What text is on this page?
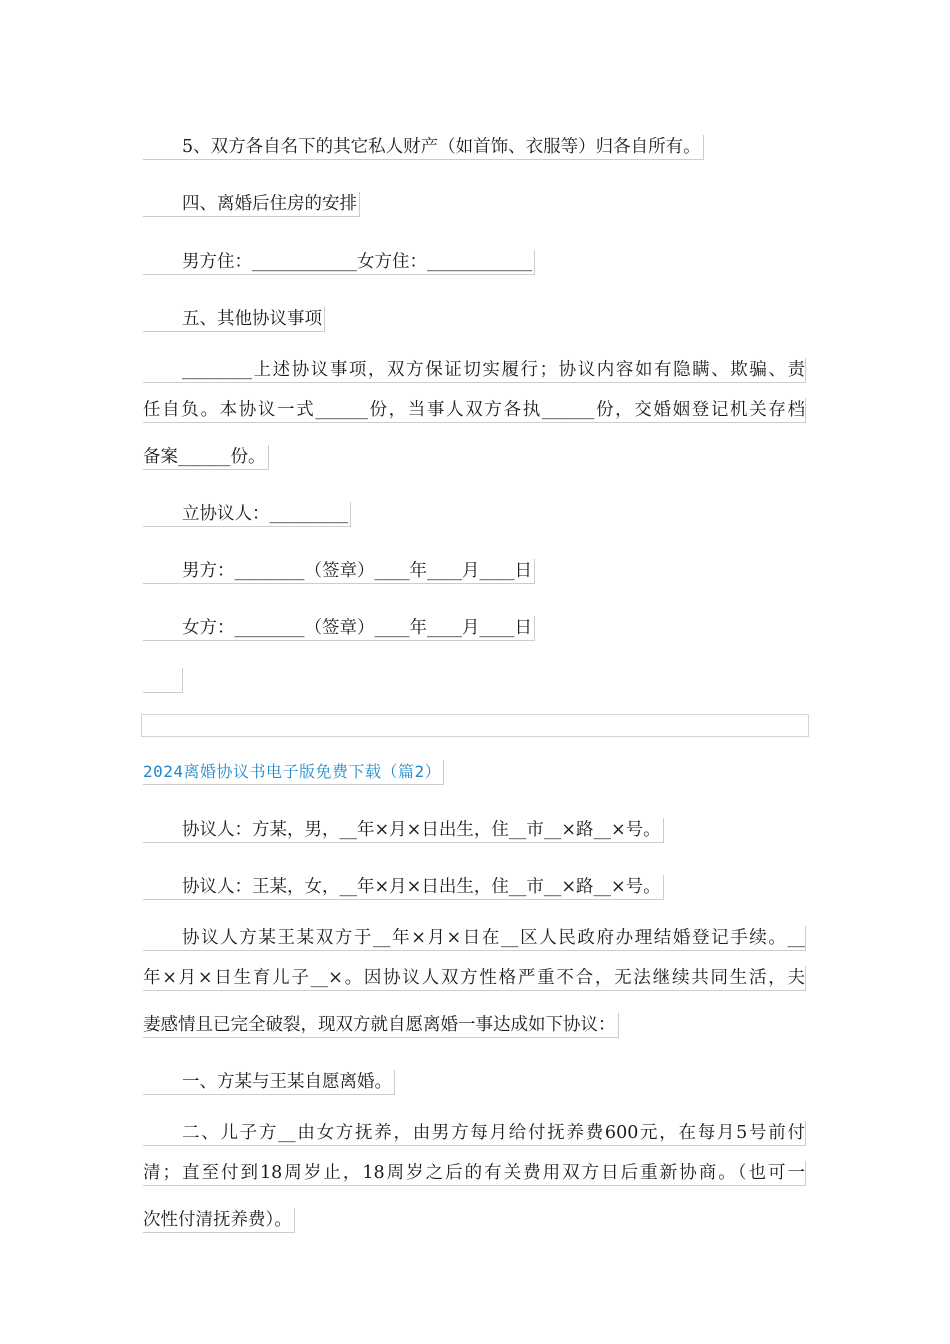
5、双方各自名下的其它私人财产（如首饰、衣服等）归各自所有。
四、离婚后住房的安排
男方住：____________女方住：____________
五、其他协议事项
________上述协议事项，双方保证切实履行；协议内容如有隐瞒、欺骗、责
任自负。本协议一式______份，当事人双方各执______份，交婚姻登记机关存档
备案______份。
立协议人：_________
男方：________（签章）____年____月____日
女方：________（签章）____年____月____日
2024离婚协议书电子版免费下载（篇2）
协议人：方某，男，__年×月×日出生，住__市__×路__×号。
协议人：王某，女，__年×月×日出生，住__市__×路__×号。
协议人方某王某双方于__年×月×日在__区人民政府办理结婚登记手续。__
年×月×日生育儿子__×。因协议人双方性格严重不合，无法继续共同生活，夫
妻感情且已完全破裂，现双方就自愿离婚一事达成如下协议：
一、方某与王某自愿离婚。
二、儿子方__由女方抚养，由男方每月给付抚养费600元，在每月5号前付
清；直至付到18周岁止，18周岁之后的有关费用双方日后重新协商。（也可一
次性付清抚养费）。
